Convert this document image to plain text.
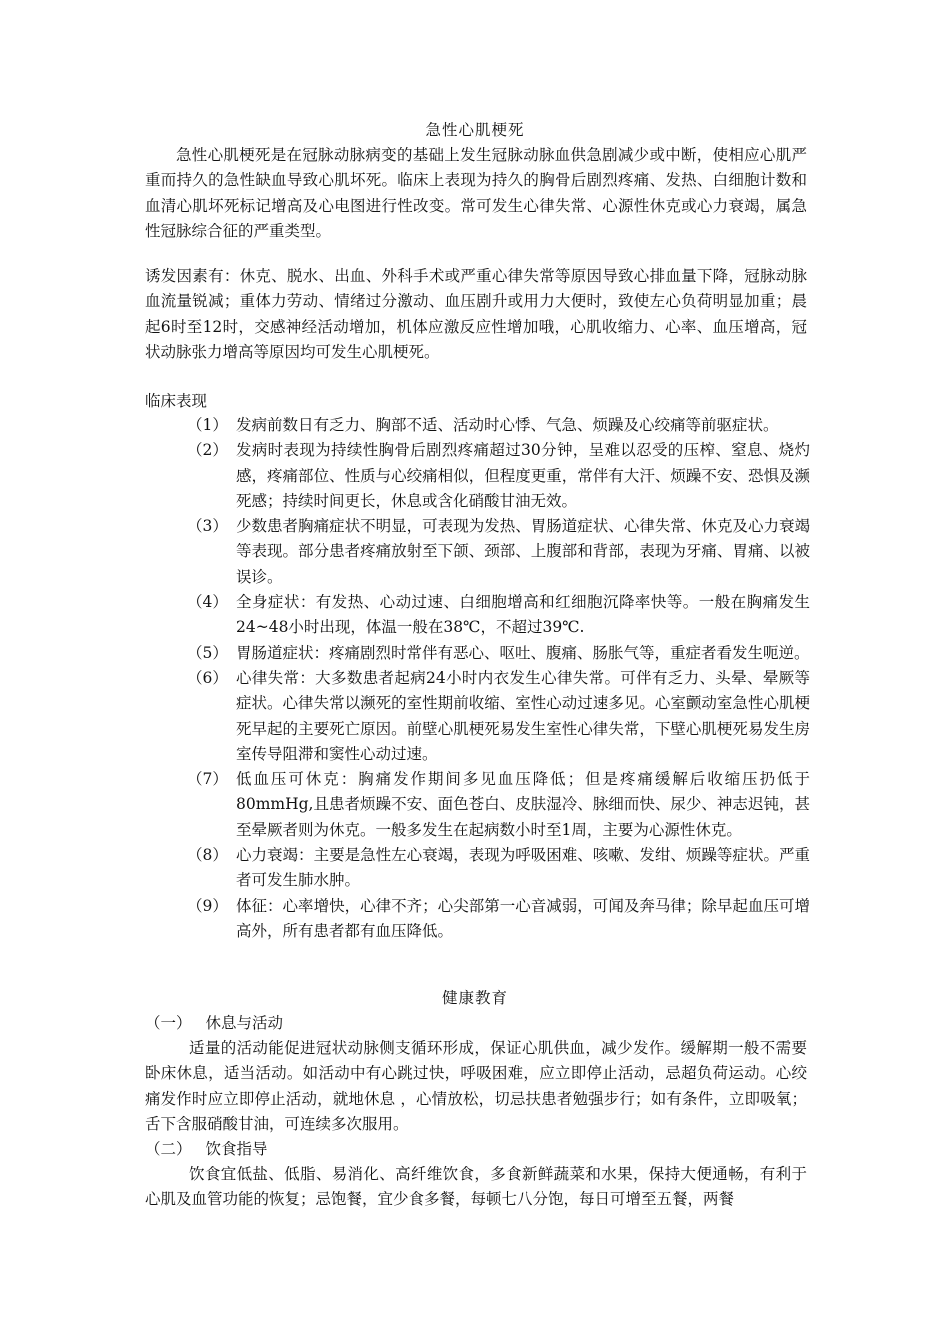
急性心肌梗死

急性心肌梗死是在冠脉动脉病变的基础上发生冠脉动脉血供急剧减少或中断，使相应心肌严重而持久的急性缺血导致心肌坏死。临床上表现为持久的胸骨后剧烈疼痛、发热、白细胞计数和血清心肌坏死标记增高及心电图进行性改变。常可发生心律失常、心源性休克或心力衰竭，属急性冠脉综合征的严重类型。

诱发因素有：休克、脱水、出血、外科手术或严重心律失常等原因导致心排血量下降，冠脉动脉血流量锐减；重体力劳动、情绪过分激动、血压剧升或用力大便时，致使左心负荷明显加重；晨起6时至12时，交感神经活动增加，机体应激反应性增加哦，心肌收缩力、心率、血压增高，冠状动脉张力增高等原因均可发生心肌梗死。

临床表现
（1） 发病前数日有乏力、胸部不适、活动时心悸、气急、烦躁及心绞痛等前驱症状。
（2） 发病时表现为持续性胸骨后剧烈疼痛超过30分钟，呈难以忍受的压榨、窒息、烧灼感，疼痛部位、性质与心绞痛相似，但程度更重，常伴有大汗、烦躁不安、恐惧及濒死感；持续时间更长，休息或含化硝酸甘油无效。
（3） 少数患者胸痛症状不明显，可表现为发热、胃肠道症状、心律失常、休克及心力衰竭等表现。部分患者疼痛放射至下颌、颈部、上腹部和背部，表现为牙痛、胃痛、以被误诊。
（4） 全身症状：有发热、心动过速、白细胞增高和红细胞沉降率快等。一般在胸痛发生24~48小时出现，体温一般在38℃，不超过39℃.
（5） 胃肠道症状：疼痛剧烈时常伴有恶心、呕吐、腹痛、肠胀气等，重症者看发生呃逆。
（6） 心律失常：大多数患者起病24小时内衣发生心律失常。可伴有乏力、头晕、晕厥等症状。心律失常以濒死的室性期前收缩、室性心动过速多见。心室颤动室急性心肌梗死早起的主要死亡原因。前壁心肌梗死易发生室性心律失常，下壁心肌梗死易发生房室传导阻滞和窦性心动过速。
（7） 低血压可休克：胸痛发作期间多见血压降低；但是疼痛缓解后收缩压扔低于80mmHg,且患者烦躁不安、面色苍白、皮肤湿冷、脉细而快、尿少、神志迟钝，甚至晕厥者则为休克。一般多发生在起病数小时至1周，主要为心源性休克。
（8） 心力衰竭：主要是急性左心衰竭，表现为呼吸困难、咳嗽、发绀、烦躁等症状。严重者可发生肺水肿。
（9） 体征：心率增快，心律不齐；心尖部第一心音减弱，可闻及奔马律；除早起血压可增高外，所有患者都有血压降低。
健康教育
（一） 休息与活动

适量的活动能促进冠状动脉侧支循环形成，保证心肌供血，减少发作。缓解期一般不需要卧床休息，适当活动。如活动中有心跳过快，呼吸困难，应立即停止活动，忌超负荷运动。心绞痛发作时应立即停止活动，就地休息 ，心情放松，切忌扶患者勉强步行；如有条件，立即吸氧；舌下含服硝酸甘油，可连续多次服用。

（二） 饮食指导

饮食宜低盐、低脂、易消化、高纤维饮食，多食新鲜蔬菜和水果，保持大便通畅，有利于心肌及血管功能的恢复；忌饱餐，宜少食多餐，每顿七八分饱，每日可增至五餐，两餐
